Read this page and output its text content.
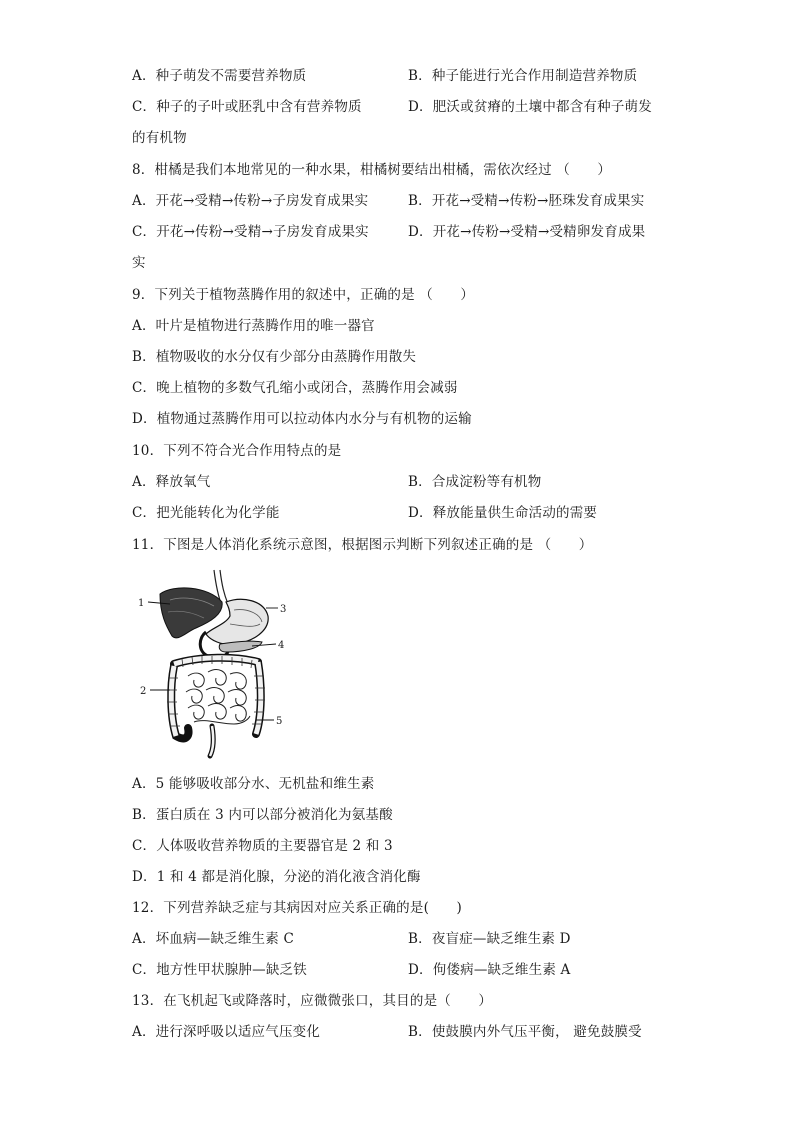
A．种子萌发不需要营养物质	B．种子能进行光合作用制造营养物质
C．种子的子叶或胚乳中含有营养物质	D．肥沃或贫瘠的土壤中都含有种子萌发
的有机物
8．柑橘是我们本地常见的一种水果，柑橘树要结出柑橘，需依次经过 （　　）
A．开花→受精→传粉→子房发育成果实	B．开花→受精→传粉→胚珠发育成果实
C．开花→传粉→受精→子房发育成果实	D．开花→传粉→受精→受精卵发育成果
实
9．下列关于植物蒸腾作用的叙述中，正确的是 （　　）
A．叶片是植物进行蒸腾作用的唯一器官
B．植物吸收的水分仅有少部分由蒸腾作用散失
C．晚上植物的多数气孔缩小或闭合，蒸腾作用会减弱
D．植物通过蒸腾作用可以拉动体内水分与有机物的运输
10．下列不符合光合作用特点的是
A．释放氧气	B．合成淀粉等有机物
C．把光能转化为化学能	D．释放能量供生命活动的需要
11．下图是人体消化系统示意图，根据图示判断下列叙述正确的是 （　　）
1
3
4
2
5
A．5 能够吸收部分水、无机盐和维生素
B．蛋白质在 3 内可以部分被消化为氨基酸
C．人体吸收营养物质的主要器官是 2 和 3
D．1 和 4 都是消化腺，分泌的消化液含消化酶
12．下列营养缺乏症与其病因对应关系正确的是(　　)
A．坏血病—缺乏维生素 C	B．夜盲症—缺乏维生素 D
C．地方性甲状腺肿—缺乏铁	D．佝偻病—缺乏维生素 A
13．在飞机起飞或降落时，应微微张口，其目的是（　　）
A．进行深呼吸以适应气压变化	B．使鼓膜内外气压平衡， 避免鼓膜受
